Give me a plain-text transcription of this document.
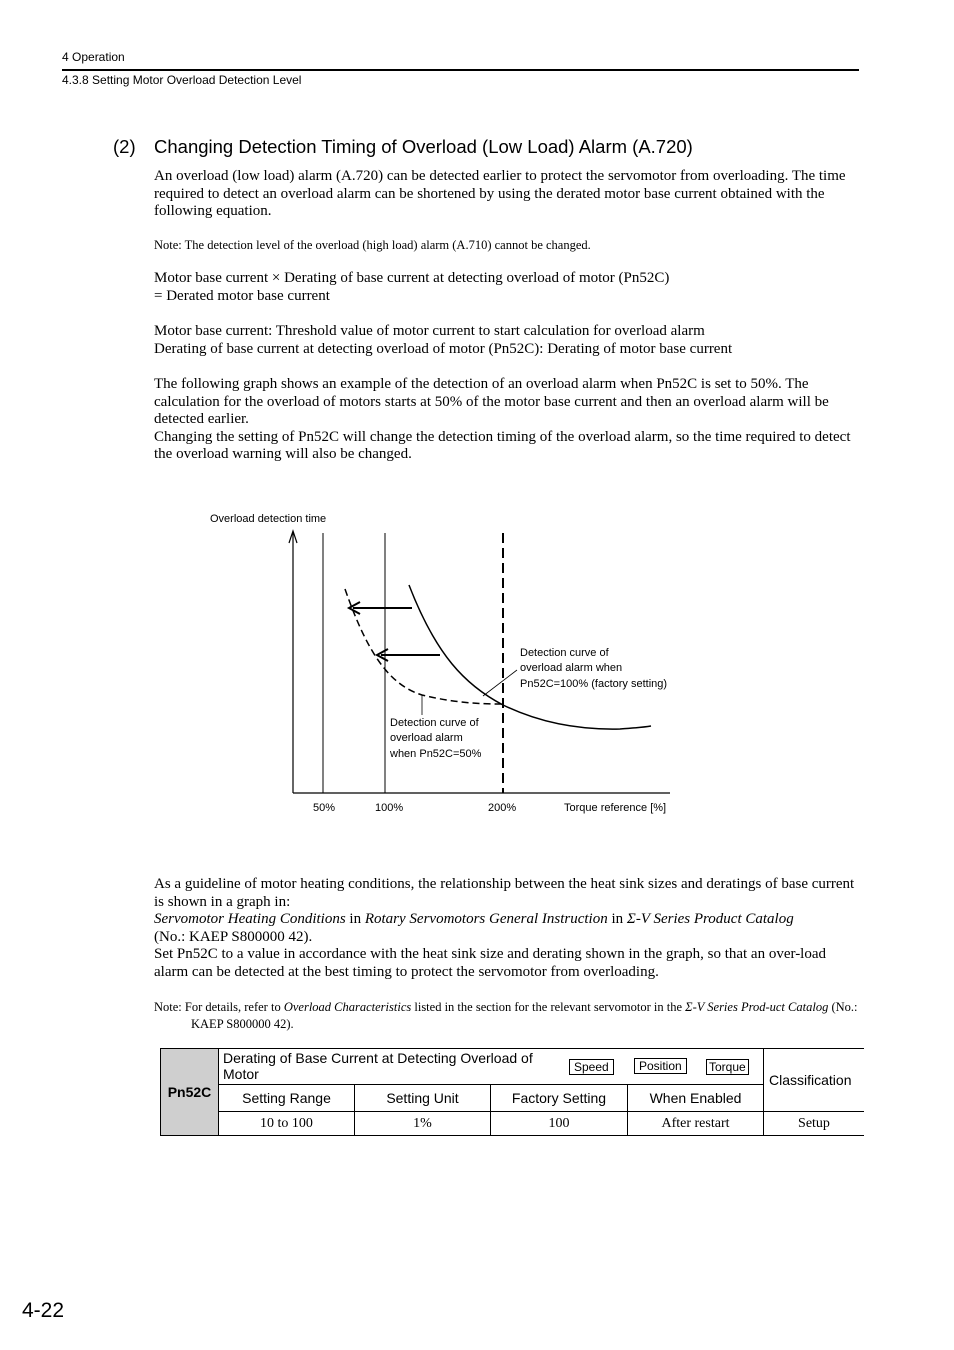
4 Operation
4.3.8 Setting Motor Overload Detection Level
(2) Changing Detection Timing of Overload (Low Load) Alarm (A.720)
An overload (low load) alarm (A.720) can be detected earlier to protect the servomotor from overloading. The time required to detect an overload alarm can be shortened by using the derated motor base current obtained with the following equation.
Note: The detection level of the overload (high load) alarm (A.710) cannot be changed.

Motor base current × Derating of base current at detecting overload of motor (Pn52C)

= Derated motor base current

Motor base current: Threshold value of motor current to start calculation for overload alarm

Derating of base current at detecting overload of motor (Pn52C): Derating of motor base current

The following graph shows an example of the detection of an overload alarm when Pn52C is set to 50%. The calculation for the overload of motors starts at 50% of the motor base current and then an overload alarm will be detected earlier.

Changing the setting of Pn52C will change the detection timing of the overload alarm, so the time required to detect the overload warning will also be changed.

Overload detection time
Torque reference [%]
50%	100%	200%
Detection curve of
overload alarm when
Pn52C=100% (factory setting)
Detection curve of
overload alarm
when Pn52C=50%

As a guideline of motor heating conditions, the relationship between the heat sink sizes and deratings of base current is shown in a graph in:

Servomotor Heating Conditions in Rotary Servomotors General Instruction in Σ-V Series Product Catalog

(No.: KAEP S800000 42).

Set Pn52C to a value in accordance with the heat sink size and derating shown in the graph, so that an over-load alarm can be detected at the best timing to protect the servomotor from overloading.

Note: For details, refer to Overload Characteristics listed in the section for the relevant servomotor in the Σ-V Series Prod-uct Catalog (No.: KAEP S800000 42).
Pn52C	Derating of Base Current at Detecting Overload of
Motor Speed Position Torque				Classification
	Setting Range	Setting Unit	Factory Setting	When Enabled	
	10 to 100	1%	100	After restart	Setup
4-22
